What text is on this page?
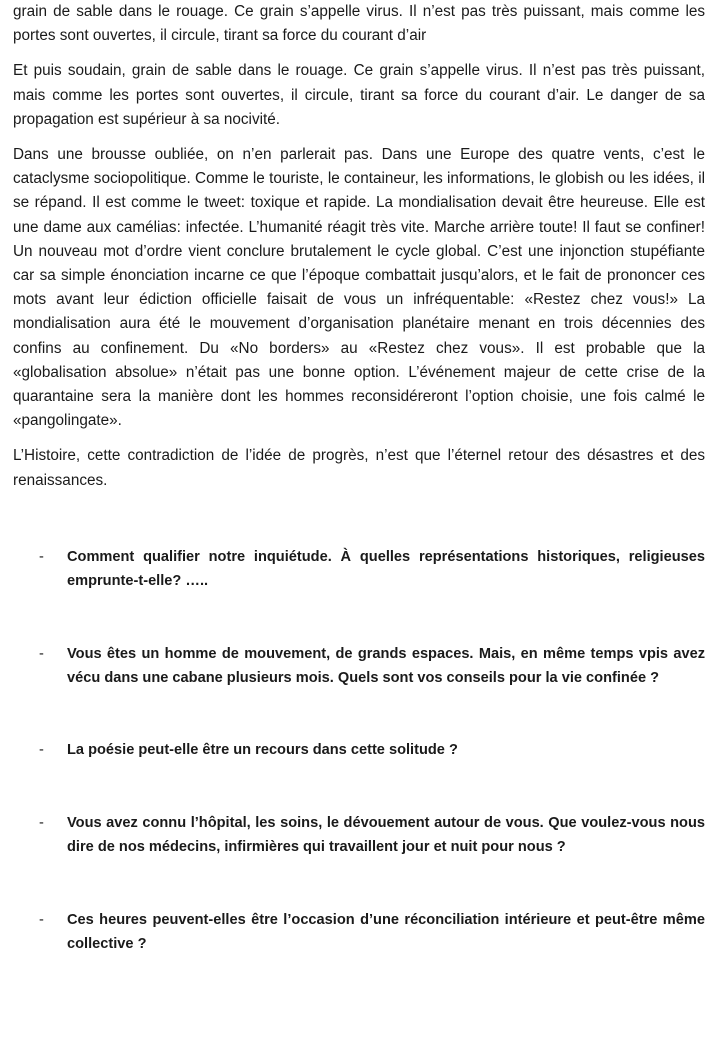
grain de sable dans le rouage. Ce grain s’appelle virus. Il n’est pas très puissant, mais comme les portes sont ouvertes, il circule, tirant sa force du courant d’air

Et puis soudain, grain de sable dans le rouage. Ce grain s’appelle virus. Il n’est pas très puissant, mais comme les portes sont ouvertes, il circule, tirant sa force du courant d’air. Le danger de sa propagation est supérieur à sa nocivité.

Dans une brousse oubliée, on n’en parlerait pas. Dans une Europe des quatre vents, c’est le cataclysme sociopolitique. Comme le touriste, le containeur, les informations, le globish ou les idées, il se répand. Il est comme le tweet: toxique et rapide. La mondialisation devait être heureuse. Elle est une dame aux camélias: infectée. L’humanité réagit très vite. Marche arrière toute! Il faut se confiner! Un nouveau mot d’ordre vient conclure brutalement le cycle global. C’est une injonction stupéfiante car sa simple énonciation incarne ce que l’époque combattait jusqu’alors, et le fait de prononcer ces mots avant leur édiction officielle faisait de vous un infréquentable: «Restez chez vous!» La mondialisation aura été le mouvement d’organisation planétaire menant en trois décennies des confins au confinement. Du «No borders» au «Restez chez vous». Il est probable que la «globalisation absolue» n’était pas une bonne option. L’événement majeur de cette crise de la quarantaine sera la manière dont les hommes reconsidéreront l’option choisie, une fois calmé le «pangolingate».

L’Histoire, cette contradiction de l’idée de progrès, n’est que l’éternel retour des désastres et des renaissances.

- Comment qualifier notre inquiétude. À quelles représentations historiques, religieuses emprunte-t-elle? …..
- Vous êtes un homme de mouvement, de grands espaces. Mais, en même temps vpis avez vécu dans une cabane plusieurs mois. Quels sont vos conseils pour la vie confinée ?
- La poésie peut-elle être un recours dans cette solitude ?
- Vous avez connu l’hôpital, les soins, le dévouement autour de vous. Que voulez-vous nous dire de nos médecins, infirmières qui travaillent jour et nuit pour nous ?
- Ces heures peuvent-elles être l’occasion d’une réconciliation intérieure et peut-être même collective ?
